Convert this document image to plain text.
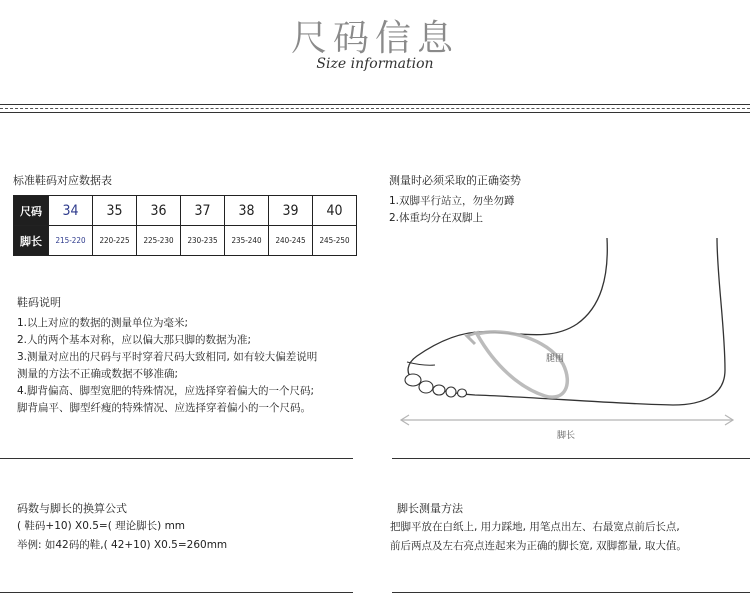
尺码信息
Size information
标准鞋码对应数据表
尺码	34	35	36	37	38	39	40
脚长	215-220	220-225	225-230	230-235	235-240	240-245	245-250
测量时必须采取的正确姿势
1.双脚平行站立，勿坐勿蹲
2.体重均分在双脚上
鞋码说明
1.以上对应的数据的测量单位为毫米;
2.人的两个基本对称，应以偏大那只脚的数据为准;
3.测量对应出的尺码与平时穿着尺码大致相同, 如有较大偏差说明
测量的方法不正确或数据不够准确;
4.脚背偏高、脚型宽肥的特殊情况，应选择穿着偏大的一个尺码;
脚背扁平、脚型纤瘦的特殊情况、应选择穿着偏小的一个尺码。
腿围
脚长
码数与脚长的换算公式
( 鞋码+10) X0.5=( 理论脚长) mm
举例: 如42码的鞋,( 42+10) X0.5=260mm
脚长测量方法
把脚平放在白纸上, 用力踩地, 用笔点出左、右最宽点前后长点,
前后两点及左右亮点连起来为正确的脚长宽, 双脚都量, 取大值。
